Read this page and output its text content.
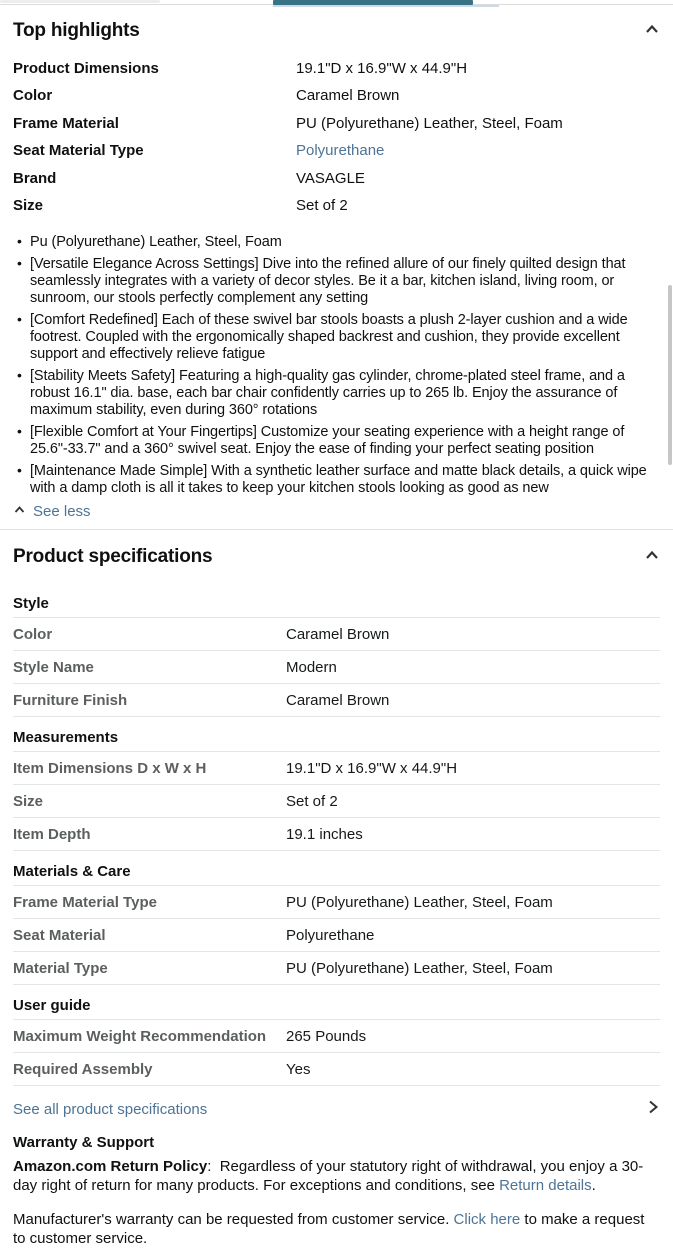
Top highlights
Product Dimensions	19.1"D x 16.9"W x 44.9"H
Color	Caramel Brown
Frame Material	PU (Polyurethane) Leather, Steel, Foam
Seat Material Type	Polyurethane
Brand	VASAGLE
Size	Set of 2
• Pu (Polyurethane) Leather, Steel, Foam
• [Versatile Elegance Across Settings] Dive into the refined allure of our finely quilted design that seamlessly integrates with a variety of decor styles. Be it a bar, kitchen island, living room, or sunroom, our stools perfectly complement any setting
• [Comfort Redefined] Each of these swivel bar stools boasts a plush 2-layer cushion and a wide footrest. Coupled with the ergonomically shaped backrest and cushion, they provide excellent support and effectively relieve fatigue
• [Stability Meets Safety] Featuring a high-quality gas cylinder, chrome-plated steel frame, and a robust 16.1" dia. base, each bar chair confidently carries up to 265 lb. Enjoy the assurance of maximum stability, even during 360° rotations
• [Flexible Comfort at Your Fingertips] Customize your seating experience with a height range of 25.6"-33.7" and a 360° swivel seat. Enjoy the ease of finding your perfect seating position
• [Maintenance Made Simple] With a synthetic leather surface and matte black details, a quick wipe with a damp cloth is all it takes to keep your kitchen stools looking as good as new
See less
Product specifications
Style
Color	Caramel Brown
Style Name	Modern
Furniture Finish	Caramel Brown
Measurements
Item Dimensions D x W x H	19.1"D x 16.9"W x 44.9"H
Size	Set of 2
Item Depth	19.1 inches
Materials & Care
Frame Material Type	PU (Polyurethane) Leather, Steel, Foam
Seat Material	Polyurethane
Material Type	PU (Polyurethane) Leather, Steel, Foam
User guide
Maximum Weight Recommendation	265 Pounds
Required Assembly	Yes
See all product specifications
Warranty & Support

Amazon.com Return Policy:  Regardless of your statutory right of withdrawal, you enjoy a 30-day right of return for many products. For exceptions and conditions, see Return details.

Manufacturer's warranty can be requested from customer service. Click here to make a request to customer service.
